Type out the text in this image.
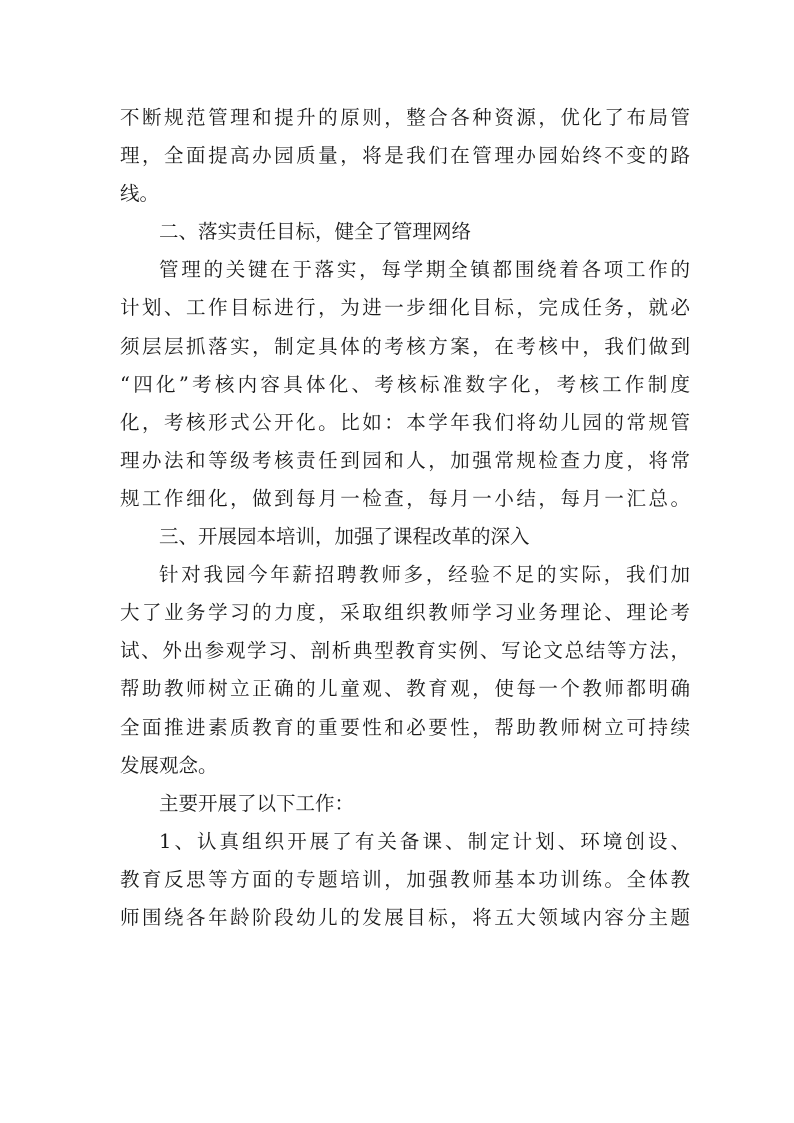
不断规范管理和提升的原则，整合各种资源，优化了布局管
理，全面提高办园质量，将是我们在管理办园始终不变的路
线。
二、落实责任目标，健全了管理网络
管理的关键在于落实，每学期全镇都围绕着各项工作的
计划、工作目标进行，为进一步细化目标，完成任务，就必
须层层抓落实，制定具体的考核方案，在考核中，我们做到
“四化”考核内容具体化、考核标准数字化，考核工作制度
化，考核形式公开化。比如：本学年我们将幼儿园的常规管
理办法和等级考核责任到园和人，加强常规检查力度，将常
规工作细化，做到每月一检查，每月一小结，每月一汇总。
三、开展园本培训，加强了课程改革的深入
针对我园今年薪招聘教师多，经验不足的实际，我们加
大了业务学习的力度，采取组织教师学习业务理论、理论考
试、外出参观学习、剖析典型教育实例、写论文总结等方法，
帮助教师树立正确的儿童观、教育观，使每一个教师都明确
全面推进素质教育的重要性和必要性，帮助教师树立可持续
发展观念。
主要开展了以下工作：
1、认真组织开展了有关备课、制定计划、环境创设、
教育反思等方面的专题培训，加强教师基本功训练。全体教
师围绕各年龄阶段幼儿的发展目标，将五大领域内容分主题
